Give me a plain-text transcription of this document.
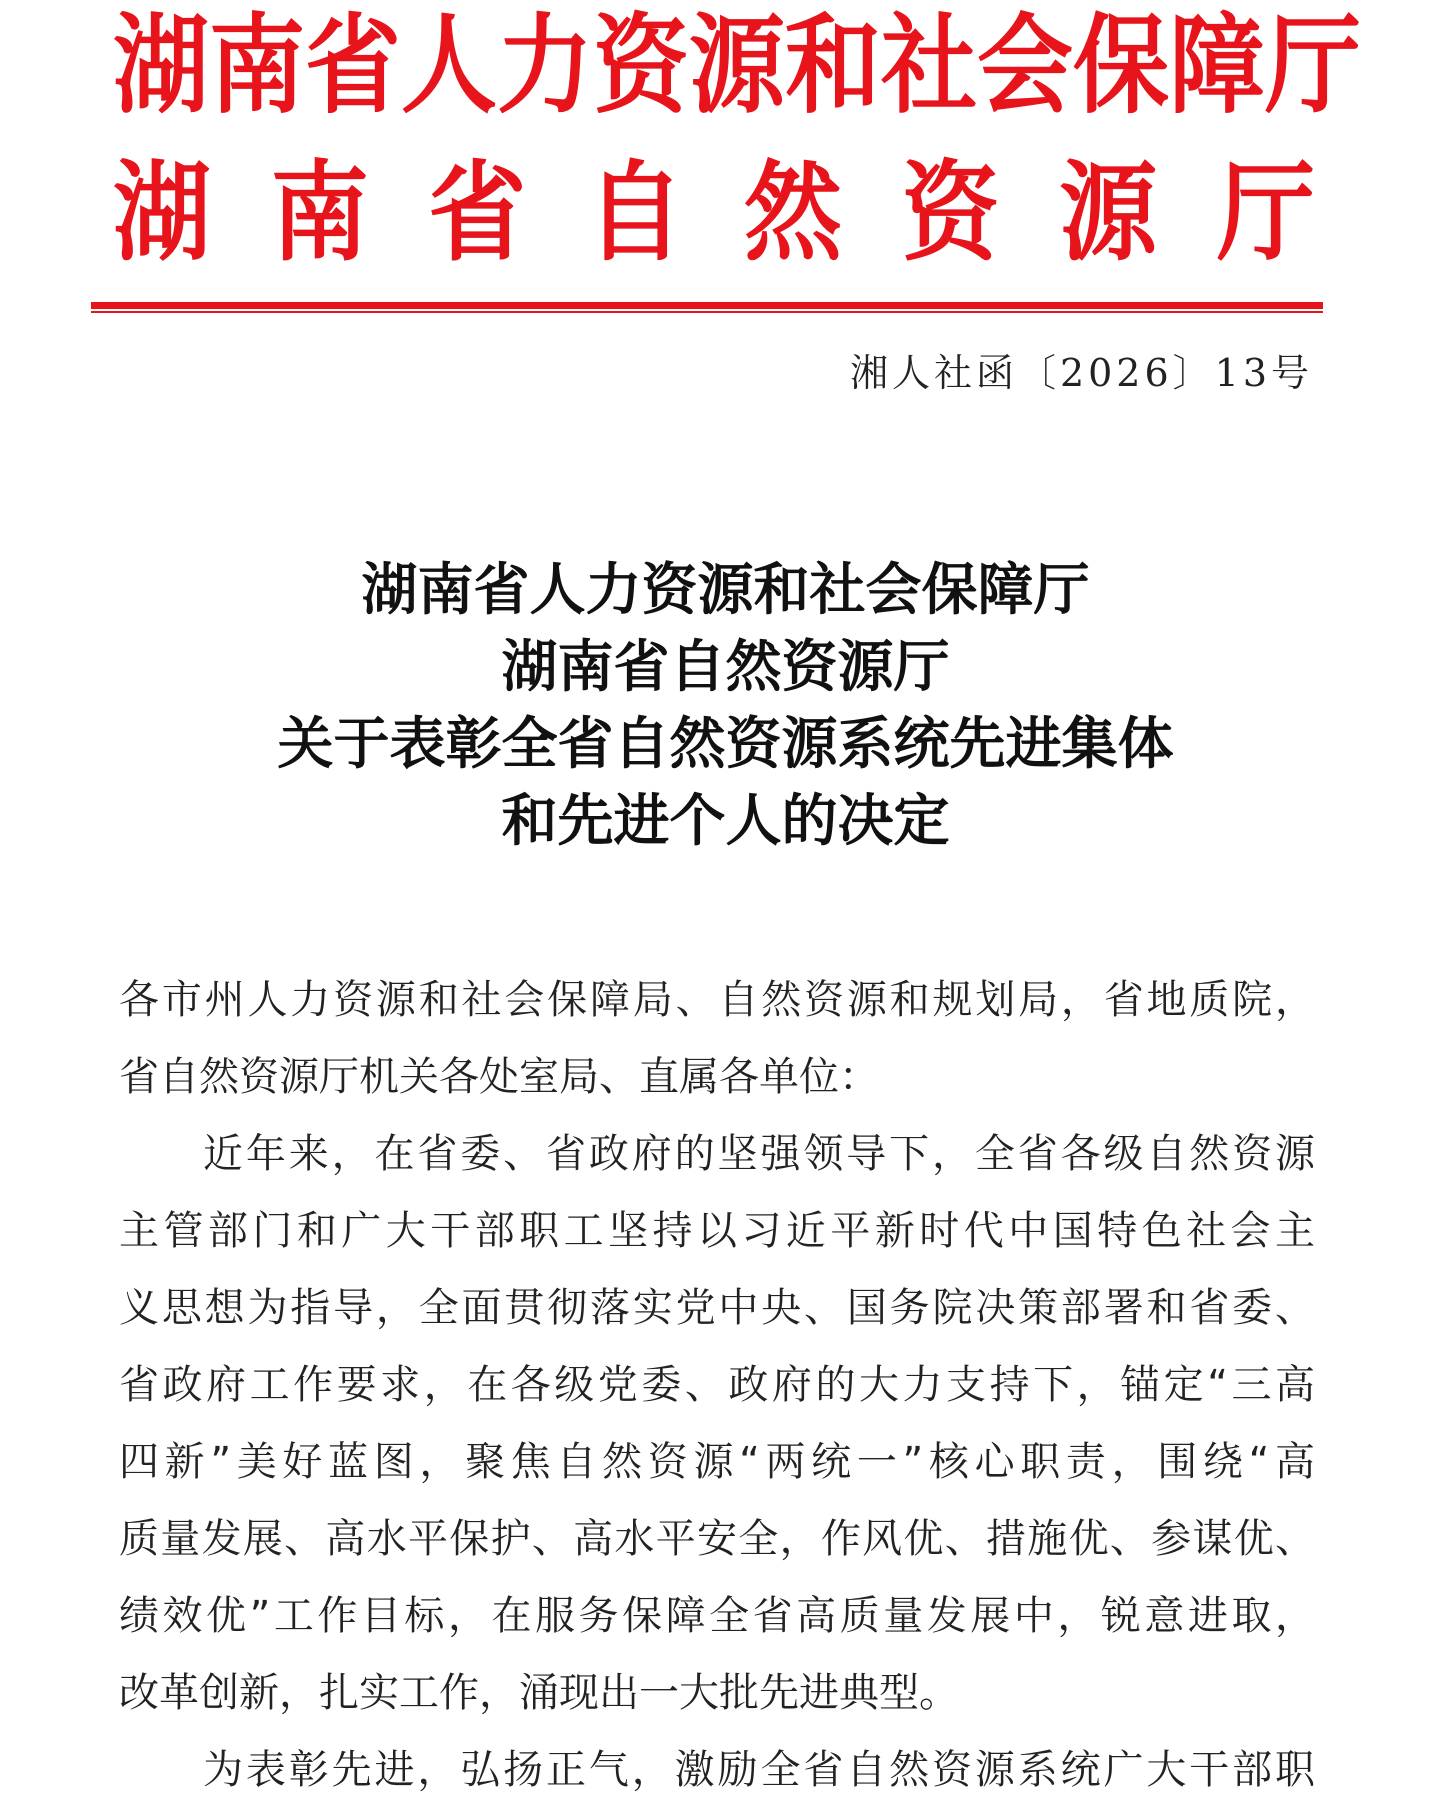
湖南省人力资源和社会保障厅
湖南省自然资源厅
湘人社函〔2026〕13号
湖南省人力资源和社会保障厅
湖南省自然资源厅
关于表彰全省自然资源系统先进集体
和先进个人的决定
各市州人力资源和社会保障局、自然资源和规划局，省地质院，
省自然资源厅机关各处室局、直属各单位：
近年来，在省委、省政府的坚强领导下，全省各级自然资源
主管部门和广大干部职工坚持以习近平新时代中国特色社会主
义思想为指导，全面贯彻落实党中央、国务院决策部署和省委、
省政府工作要求，在各级党委、政府的大力支持下，锚定“三高
四新”美好蓝图，聚焦自然资源“两统一”核心职责，围绕“高
质量发展、高水平保护、高水平安全，作风优、措施优、参谋优、
绩效优”工作目标，在服务保障全省高质量发展中，锐意进取，
改革创新，扎实工作，涌现出一大批先进典型。
为表彰先进，弘扬正气，激励全省自然资源系统广大干部职
